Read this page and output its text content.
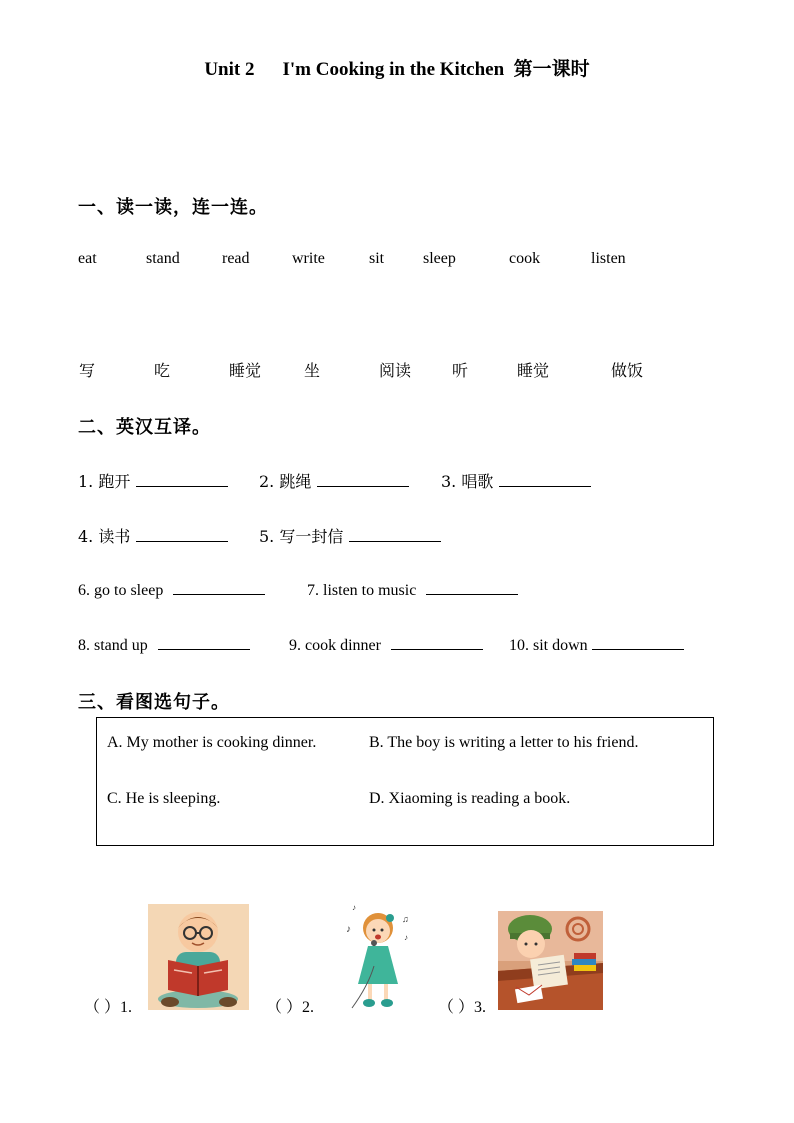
Unit 2 I'm Cooking in the Kitchen 第一课时
一、读一读，连一连。
eat	stand	read	write	sit sleep	cook	listen
写	吃	睡觉	坐	阅读	听	睡觉	做饭
二、英汉互译。
1. 跑开	2. 跳绳	3. 唱歌
4. 读书	5. 写一封信
6. go to sleep	7. listen to music
8. stand up	9. cook dinner	10. sit down
三、看图选句子。
A. My mother is cooking dinner.	B. The boy is writing a letter to his friend.
C. He is sleeping.	D. Xiaoming is reading a book.
（ ）1.	（ ）2.
♪
♫
♪
♪
（ ）3.
